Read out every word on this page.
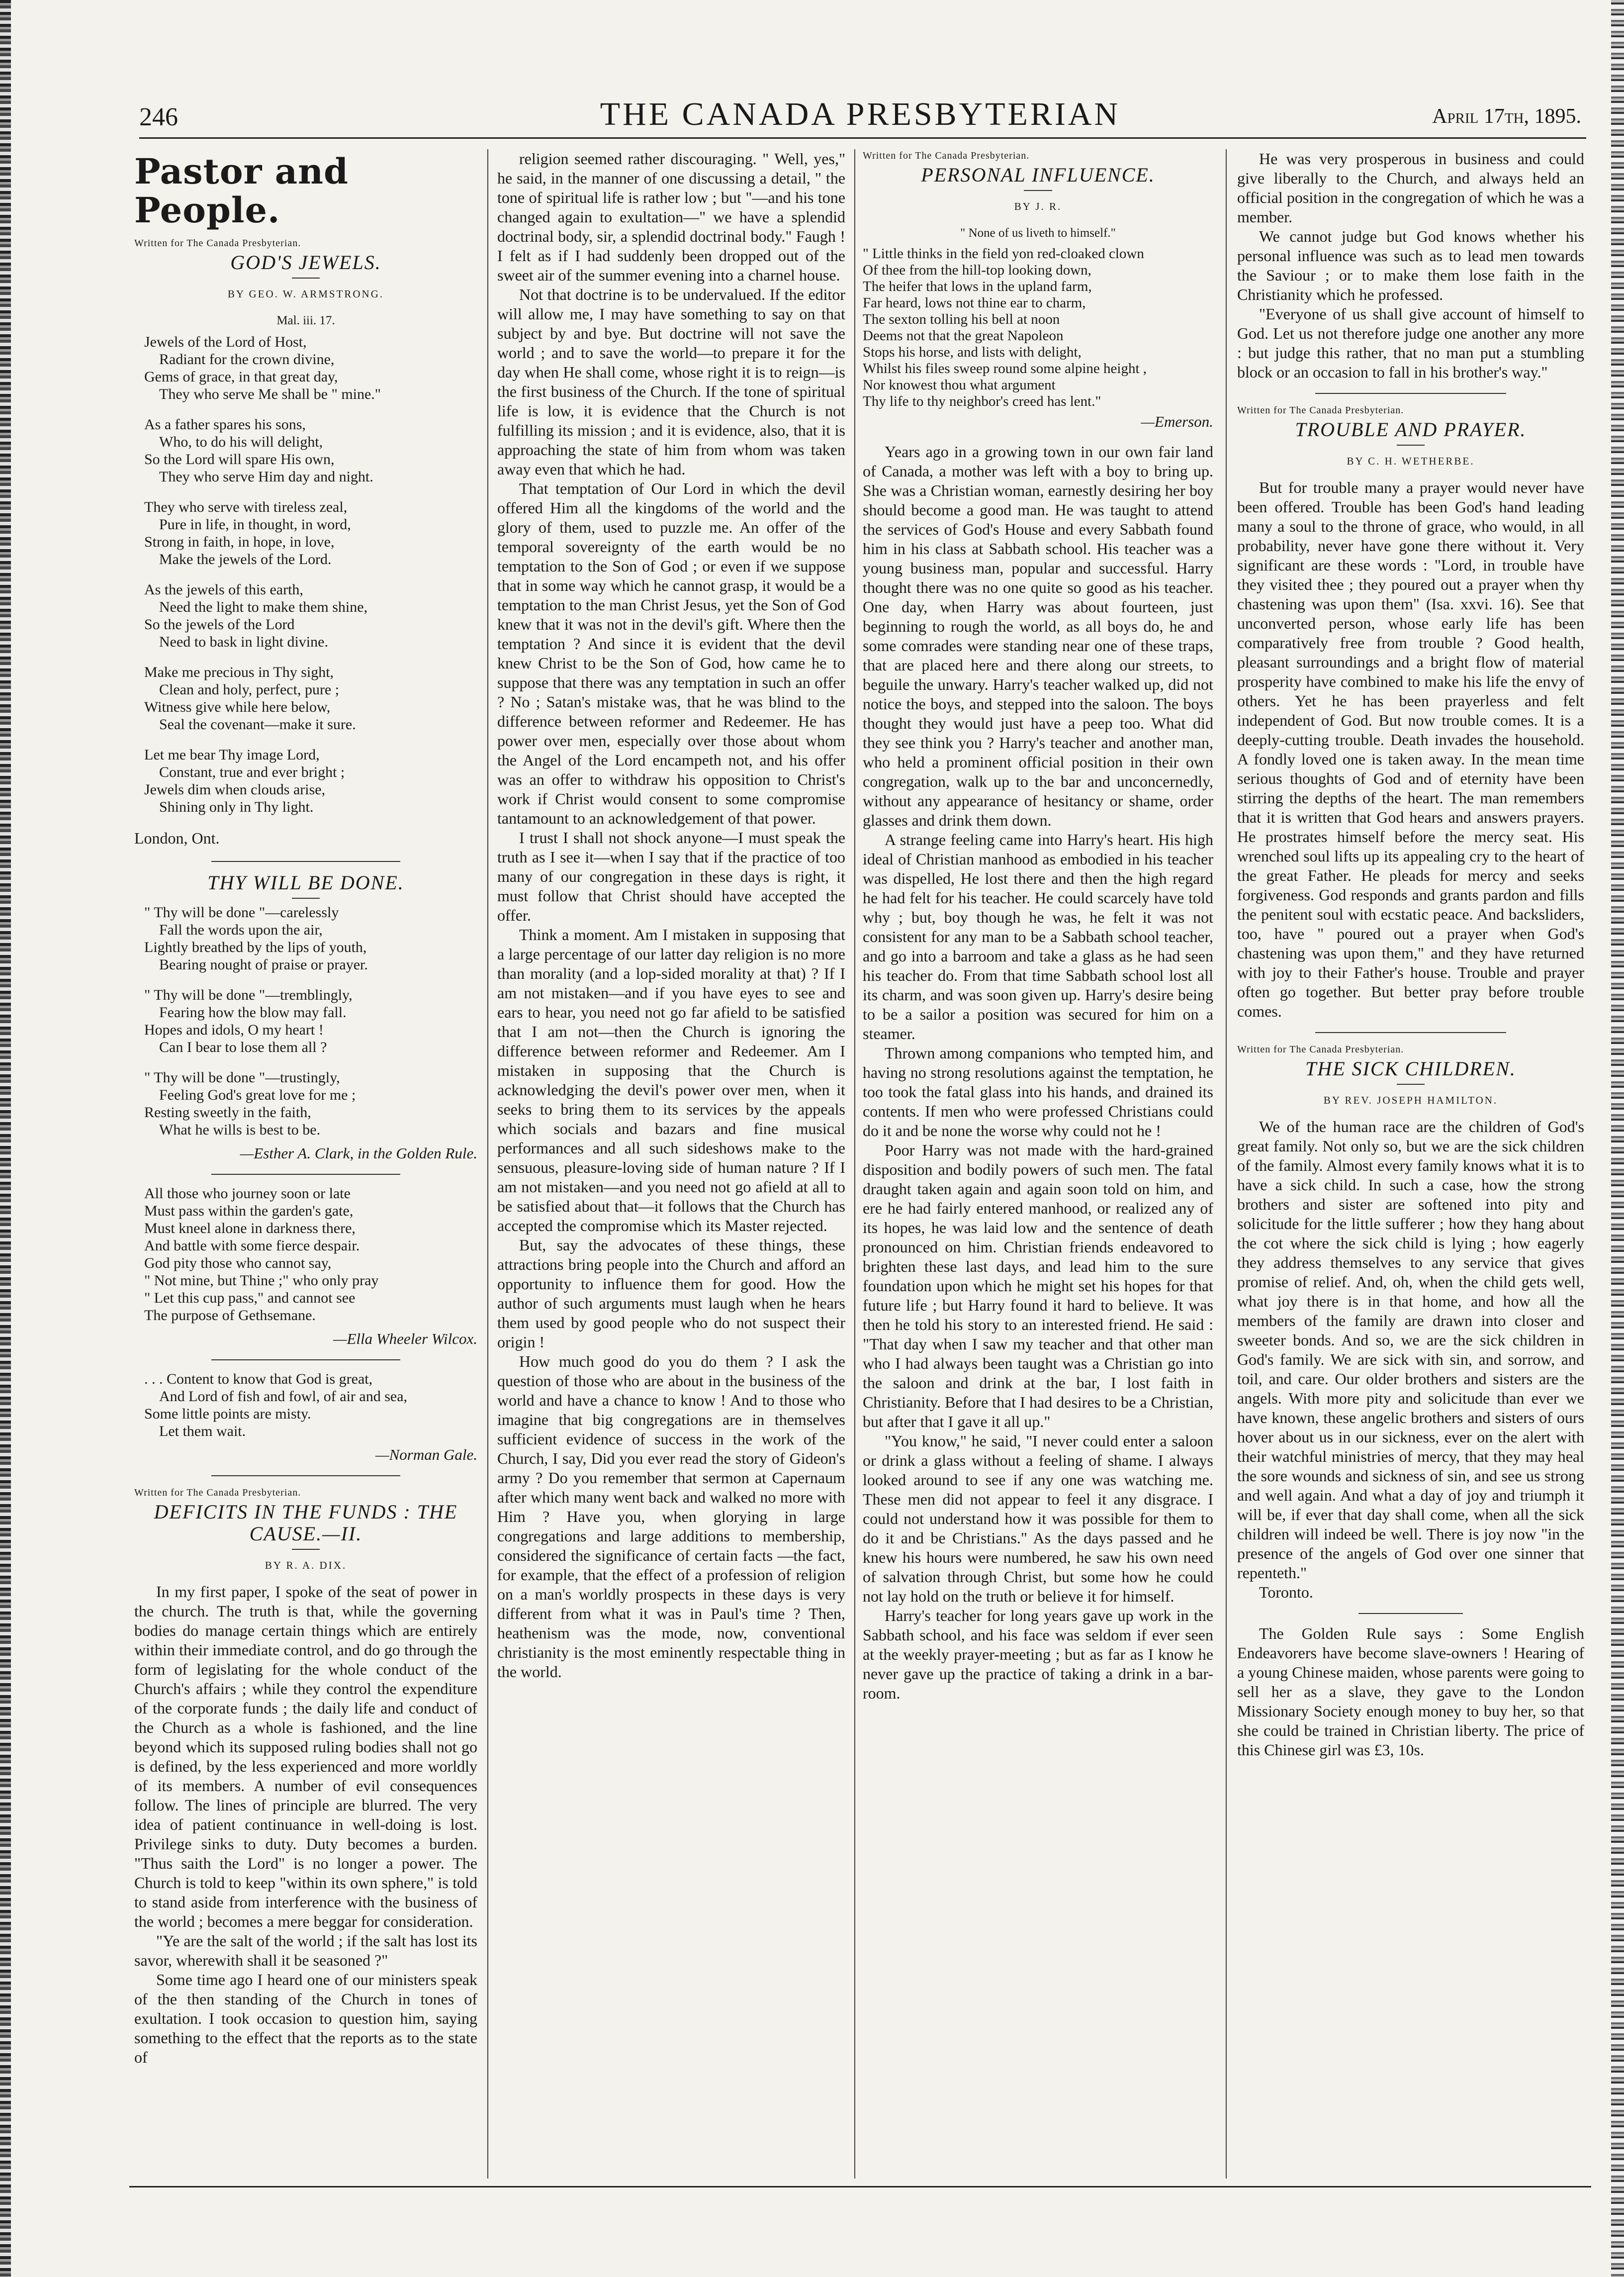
246	THE CANADA PRESBYTERIAN	April 17th, 1895.
Pastor and People.
Written for The Canada Presbyterian.
GOD'S JEWELS.
BY GEO. W. ARMSTRONG.
Mal. iii. 17.
Jewels of the Lord of Host,
Radiant for the crown divine,
Gems of grace, in that great day,
They who serve Me shall be " mine."
As a father spares his sons,
Who, to do his will delight,
So the Lord will spare His own,
They who serve Him day and night.
They who serve with tireless zeal,
Pure in life, in thought, in word,
Strong in faith, in hope, in love,
Make the jewels of the Lord.
As the jewels of this earth,
Need the light to make them shine,
So the jewels of the Lord
Need to bask in light divine.
Make me precious in Thy sight,
Clean and holy, perfect, pure ;
Witness give while here below,
Seal the covenant—make it sure.
Let me bear Thy image Lord,
Constant, true and ever bright ;
Jewels dim when clouds arise,
Shining only in Thy light.
London, Ont.
THY WILL BE DONE.
" Thy will be done "—carelessly
Fall the words upon the air,
Lightly breathed by the lips of youth,
Bearing nought of praise or prayer.
" Thy will be done "—tremblingly,
Fearing how the blow may fall.
Hopes and idols, O my heart !
Can I bear to lose them all ?
" Thy will be done "—trustingly,
Feeling God's great love for me ;
Resting sweetly in the faith,
What he wills is best to be.
—Esther A. Clark, in the Golden Rule.
All those who journey soon or late
Must pass within the garden's gate,
Must kneel alone in darkness there,
And battle with some fierce despair.
God pity those who cannot say,
" Not mine, but Thine ;" who only pray
" Let this cup pass," and cannot see
The purpose of Gethsemane.
—Ella Wheeler Wilcox.
. . . Content to know that God is great,
And Lord of fish and fowl, of air and sea,
Some little points are misty.
Let them wait.
—Norman Gale.
Written for The Canada Presbyterian.
DEFICITS IN THE FUNDS : THE CAUSE.—II.
BY R. A. DIX.

In my first paper, I spoke of the seat of power in the church. The truth is that, while the governing bodies do manage certain things which are entirely within their immediate control, and do go through the form of legislating for the whole conduct of the Church's affairs ; while they control the expenditure of the corporate funds ; the daily life and conduct of the Church as a whole is fashioned, and the line beyond which its supposed ruling bodies shall not go is defined, by the less experienced and more worldly of its members. A number of evil consequences follow. The lines of principle are blurred. The very idea of patient continuance in well-doing is lost. Privilege sinks to duty. Duty becomes a burden. "Thus saith the Lord" is no longer a power. The Church is told to keep "within its own sphere," is told to stand aside from interference with the business of the world ; becomes a mere beggar for consideration.

"Ye are the salt of the world ; if the salt has lost its savor, wherewith shall it be seasoned ?"

Some time ago I heard one of our ministers speak of the then standing of the Church in tones of exultation. I took occasion to question him, saying something to the effect that the reports as to the state of

religion seemed rather discouraging. " Well, yes," he said, in the manner of one discussing a detail, " the tone of spiritual life is rather low ; but "—and his tone changed again to exultation—" we have a splendid doctrinal body, sir, a splendid doctrinal body." Faugh ! I felt as if I had suddenly been dropped out of the sweet air of the summer evening into a charnel house.

Not that doctrine is to be undervalued. If the editor will allow me, I may have something to say on that subject by and bye. But doctrine will not save the world ; and to save the world—to prepare it for the day when He shall come, whose right it is to reign—is the first business of the Church. If the tone of spiritual life is low, it is evidence that the Church is not fulfilling its mission ; and it is evidence, also, that it is approaching the state of him from whom was taken away even that which he had.

That temptation of Our Lord in which the devil offered Him all the kingdoms of the world and the glory of them, used to puzzle me. An offer of the temporal sovereignty of the earth would be no temptation to the Son of God ; or even if we suppose that in some way which he cannot grasp, it would be a temptation to the man Christ Jesus, yet the Son of God knew that it was not in the devil's gift. Where then the temptation ? And since it is evident that the devil knew Christ to be the Son of God, how came he to suppose that there was any temptation in such an offer ? No ; Satan's mistake was, that he was blind to the difference between reformer and Redeemer. He has power over men, especially over those about whom the Angel of the Lord encampeth not, and his offer was an offer to withdraw his opposition to Christ's work if Christ would consent to some compromise tantamount to an acknowledgement of that power.

I trust I shall not shock anyone—I must speak the truth as I see it—when I say that if the practice of too many of our congregation in these days is right, it must follow that Christ should have accepted the offer.

Think a moment. Am I mistaken in supposing that a large percentage of our latter day religion is no more than morality (and a lop-sided morality at that) ? If I am not mistaken—and if you have eyes to see and ears to hear, you need not go far afield to be satisfied that I am not—then the Church is ignoring the difference between reformer and Redeemer. Am I mistaken in supposing that the Church is acknowledging the devil's power over men, when it seeks to bring them to its services by the appeals which socials and bazars and fine musical performances and all such sideshows make to the sensuous, pleasure-loving side of human nature ? If I am not mistaken—and you need not go afield at all to be satisfied about that—it follows that the Church has accepted the compromise which its Master rejected.

But, say the advocates of these things, these attractions bring people into the Church and afford an opportunity to influence them for good. How the author of such arguments must laugh when he hears them used by good people who do not suspect their origin !

How much good do you do them ? I ask the question of those who are about in the business of the world and have a chance to know ! And to those who imagine that big congregations are in themselves sufficient evidence of success in the work of the Church, I say, Did you ever read the story of Gideon's army ? Do you remember that sermon at Capernaum after which many went back and walked no more with Him ? Have you, when glorying in large congregations and large additions to membership, considered the significance of certain facts —the fact, for example, that the effect of a profession of religion on a man's worldly prospects in these days is very different from what it was in Paul's time ? Then, heathenism was the mode, now, conventional christianity is the most eminently respectable thing in the world.

Written for The Canada Presbyterian.
PERSONAL INFLUENCE.
BY J. R.
" None of us liveth to himself."
" Little thinks in the field yon red-cloaked clown
Of thee from the hill-top looking down,
The heifer that lows in the upland farm,
Far heard, lows not thine ear to charm,
The sexton tolling his bell at noon
Deems not that the great Napoleon
Stops his horse, and lists with delight,
Whilst his files sweep round some alpine height ,
Nor knowest thou what argument
Thy life to thy neighbor's creed has lent."
—Emerson.

Years ago in a growing town in our own fair land of Canada, a mother was left with a boy to bring up. She was a Christian woman, earnestly desiring her boy should become a good man. He was taught to attend the services of God's House and every Sabbath found him in his class at Sabbath school. His teacher was a young business man, popular and successful. Harry thought there was no one quite so good as his teacher. One day, when Harry was about fourteen, just beginning to rough the world, as all boys do, he and some comrades were standing near one of these traps, that are placed here and there along our streets, to beguile the unwary. Harry's teacher walked up, did not notice the boys, and stepped into the saloon. The boys thought they would just have a peep too. What did they see think you ? Harry's teacher and another man, who held a prominent official position in their own congregation, walk up to the bar and unconcernedly, without any appearance of hesitancy or shame, order glasses and drink them down.

A strange feeling came into Harry's heart. His high ideal of Christian manhood as embodied in his teacher was dispelled, He lost there and then the high regard he had felt for his teacher. He could scarcely have told why ; but, boy though he was, he felt it was not consistent for any man to be a Sabbath school teacher, and go into a barroom and take a glass as he had seen his teacher do. From that time Sabbath school lost all its charm, and was soon given up. Harry's desire being to be a sailor a position was secured for him on a steamer.

Thrown among companions who tempted him, and having no strong resolutions against the temptation, he too took the fatal glass into his hands, and drained its contents. If men who were professed Christians could do it and be none the worse why could not he !

Poor Harry was not made with the hard-grained disposition and bodily powers of such men. The fatal draught taken again and again soon told on him, and ere he had fairly entered manhood, or realized any of its hopes, he was laid low and the sentence of death pronounced on him. Christian friends endeavored to brighten these last days, and lead him to the sure foundation upon which he might set his hopes for that future life ; but Harry found it hard to believe. It was then he told his story to an interested friend. He said : "That day when I saw my teacher and that other man who I had always been taught was a Christian go into the saloon and drink at the bar, I lost faith in Christianity. Before that I had desires to be a Christian, but after that I gave it all up."

"You know," he said, "I never could enter a saloon or drink a glass without a feeling of shame. I always looked around to see if any one was watching me. These men did not appear to feel it any disgrace. I could not understand how it was possible for them to do it and be Christians." As the days passed and he knew his hours were numbered, he saw his own need of salvation through Christ, but some how he could not lay hold on the truth or believe it for himself.

Harry's teacher for long years gave up work in the Sabbath school, and his face was seldom if ever seen at the weekly prayer-meeting ; but as far as I know he never gave up the practice of taking a drink in a bar-room.

He was very prosperous in business and could give liberally to the Church, and always held an official position in the congregation of which he was a member.

We cannot judge but God knows whether his personal influence was such as to lead men towards the Saviour ; or to make them lose faith in the Christianity which he professed.

"Everyone of us shall give account of himself to God. Let us not therefore judge one another any more : but judge this rather, that no man put a stumbling block or an occasion to fall in his brother's way."

Written for The Canada Presbyterian.
TROUBLE AND PRAYER.
BY C. H. WETHERBE.

But for trouble many a prayer would never have been offered. Trouble has been God's hand leading many a soul to the throne of grace, who would, in all probability, never have gone there without it. Very significant are these words : "Lord, in trouble have they visited thee ; they poured out a prayer when thy chastening was upon them" (Isa. xxvi. 16). See that unconverted person, whose early life has been comparatively free from trouble ? Good health, pleasant surroundings and a bright flow of material prosperity have combined to make his life the envy of others. Yet he has been prayerless and felt independent of God. But now trouble comes. It is a deeply-cutting trouble. Death invades the household. A fondly loved one is taken away. In the mean time serious thoughts of God and of eternity have been stirring the depths of the heart. The man remembers that it is written that God hears and answers prayers. He prostrates himself before the mercy seat. His wrenched soul lifts up its appealing cry to the heart of the great Father. He pleads for mercy and seeks forgiveness. God responds and grants pardon and fills the penitent soul with ecstatic peace. And backsliders, too, have " poured out a prayer when God's chastening was upon them," and they have returned with joy to their Father's house. Trouble and prayer often go together. But better pray before trouble comes.

Written for The Canada Presbyterian.
THE SICK CHILDREN.
BY REV. JOSEPH HAMILTON.

We of the human race are the children of God's great family. Not only so, but we are the sick children of the family. Almost every family knows what it is to have a sick child. In such a case, how the strong brothers and sister are softened into pity and solicitude for the little sufferer ; how they hang about the cot where the sick child is lying ; how eagerly they address themselves to any service that gives promise of relief. And, oh, when the child gets well, what joy there is in that home, and how all the members of the family are drawn into closer and sweeter bonds. And so, we are the sick children in God's family. We are sick with sin, and sorrow, and toil, and care. Our older brothers and sisters are the angels. With more pity and solicitude than ever we have known, these angelic brothers and sisters of ours hover about us in our sickness, ever on the alert with their watchful ministries of mercy, that they may heal the sore wounds and sickness of sin, and see us strong and well again. And what a day of joy and triumph it will be, if ever that day shall come, when all the sick children will indeed be well. There is joy now "in the presence of the angels of God over one sinner that repenteth."

Toronto.

The Golden Rule says : Some English Endeavorers have become slave-owners ! Hearing of a young Chinese maiden, whose parents were going to sell her as a slave, they gave to the London Missionary Society enough money to buy her, so that she could be trained in Christian liberty. The price of this Chinese girl was £3, 10s.
